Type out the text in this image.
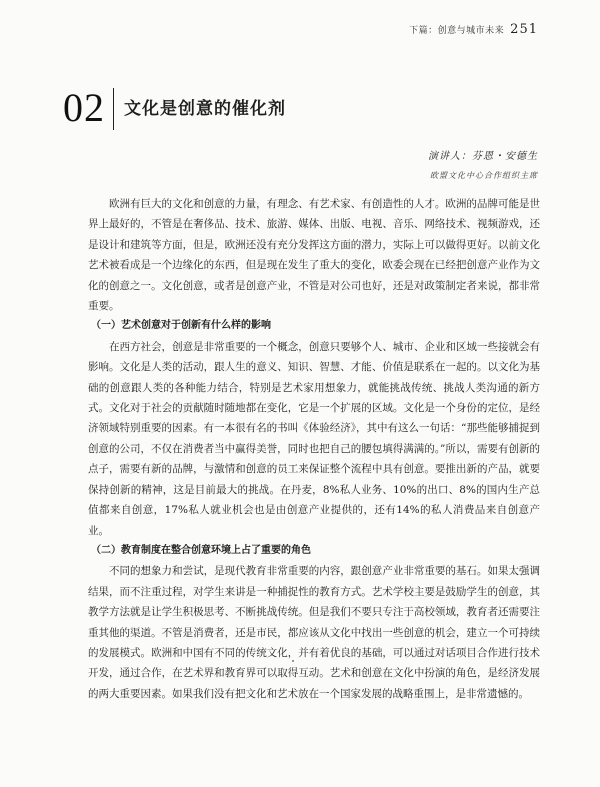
下篇：创意与城市未来 251
02 文化是创意的催化剂
演讲人：芬恩・安德生
欧盟文化中心合作组织主席

欧洲有巨大的文化和创意的力量，有理念、有艺术家、有创造性的人才。欧洲的品牌可能是世界上最好的，不管是在奢侈品、技术、旅游、媒体、出版、电视、音乐、网络技术、视频游戏，还是设计和建筑等方面，但是，欧洲还没有充分发挥这方面的潜力，实际上可以做得更好。以前文化艺术被看成是一个边缘化的东西，但是现在发生了重大的变化，欧委会现在已经把创意产业作为文化的创意之一。文化创意，或者是创意产业，不管是对公司也好，还是对政策制定者来说，都非常重要。

（一）艺术创意对于创新有什么样的影响

在西方社会，创意是非常重要的一个概念，创意只要够个人、城市、企业和区域一些接就会有影响。文化是人类的活动，跟人生的意义、知识、智慧、才能、价值是联系在一起的。以文化为基础的创意跟人类的各种能力结合，特别是艺术家用想象力，就能挑战传统、挑战人类沟通的新方式。文化对于社会的贡献随时随地都在变化，它是一个扩展的区域。文化是一个身份的定位，是经济领域特别重要的因素。有一本很有名的书叫《体验经济》，其中有这么一句话：“那些能够捕捉到创意的公司，不仅在消费者当中赢得美誉，同时也把自己的腰包填得满满的。”所以，需要有创新的点子，需要有新的品牌，与激情和创意的员工来保证整个流程中具有创意。要推出新的产品，就要保持创新的精神，这是目前最大的挑战。在丹麦，8%私人业务、10%的出口、8%的国内生产总值都来自创意，17%私人就业机会也是由创意产业提供的，还有14%的私人消费品来自创意产业。

（二）教育制度在整合创意环境上占了重要的角色

不同的想象力和尝试，是现代教育非常重要的内容，跟创意产业非常重要的基石。如果太强调结果，而不注重过程，对学生来讲是一种捕捉性的教育方式。艺术学校主要是鼓励学生的创意，其教学方法就是让学生积极思考、不断挑战传统。但是我们不要只专注于高校领域，教育者还需要注重其他的渠道。不管是消费者，还是市民，都应该从文化中找出一些创意的机会，建立一个可持续的发展模式。欧洲和中国有不同的传统文化，并有着优良的基础，可以通过对话项目合作进行技术开发，通过合作，在艺术界和教育界可以取得互动。艺术和创意在文化中扮演的角色，是经济发展的两大重要因素。如果我们没有把文化和艺术放在一个国家发展的战略重围上，是非常遗憾的。
